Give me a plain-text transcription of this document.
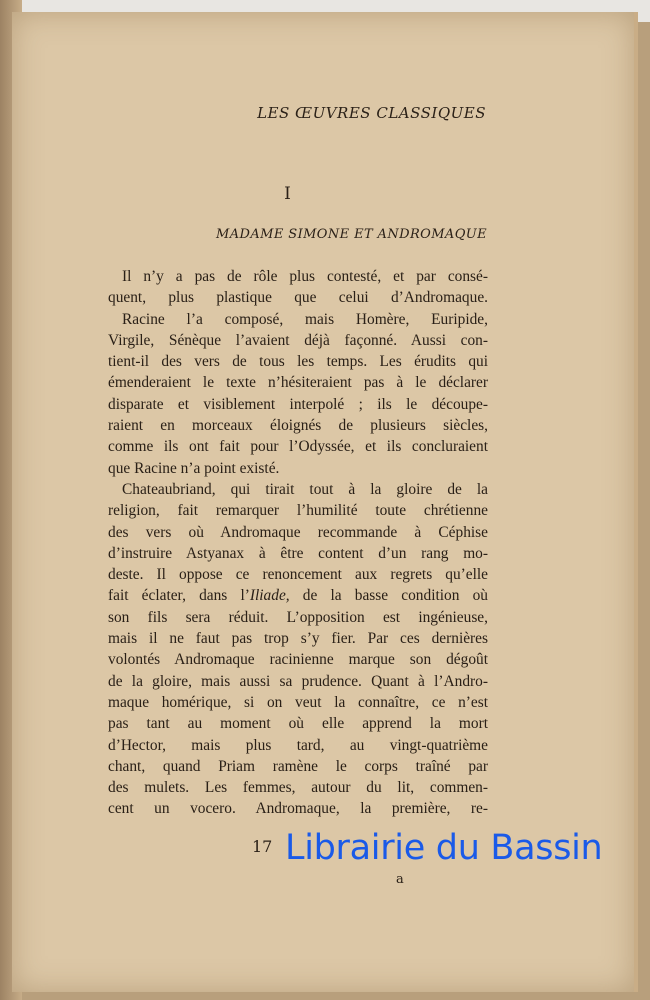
LES ŒUVRES CLASSIQUES
I
MADAME SIMONE ET ANDROMAQUE
Il n’y a pas de rôle plus contesté, et par consé-
quent, plus plastique que celui d’Andromaque.
Racine l’a composé, mais Homère, Euripide,
Virgile, Sénèque l’avaient déjà façonné. Aussi con-
tient-il des vers de tous les temps. Les érudits qui
émenderaient le texte n’hésiteraient pas à le déclarer
disparate et visiblement interpolé ; ils le découpe-
raient en morceaux éloignés de plusieurs siècles,
comme ils ont fait pour l’Odyssée, et ils concluraient
que Racine n’a point existé.
Chateaubriand, qui tirait tout à la gloire de la
religion, fait remarquer l’humilité toute chrétienne
des vers où Andromaque recommande à Céphise
d’instruire Astyanax à être content d’un rang mo-
deste. Il oppose ce renoncement aux regrets qu’elle
fait éclater, dans l’Iliade, de la basse condition où
son fils sera réduit. L’opposition est ingénieuse,
mais il ne faut pas trop s’y fier. Par ces dernières
volontés Andromaque racinienne marque son dégoût
de la gloire, mais aussi sa prudence. Quant à l’Andro-
maque homérique, si on veut la connaître, ce n’est
pas tant au moment où elle apprend la mort
d’Hector, mais plus tard, au vingt-quatrième
chant, quand Priam ramène le corps traîné par
des mulets. Les femmes, autour du lit, commen-
cent un vocero. Andromaque, la première, re-
17 Librairie du Bassin
a
